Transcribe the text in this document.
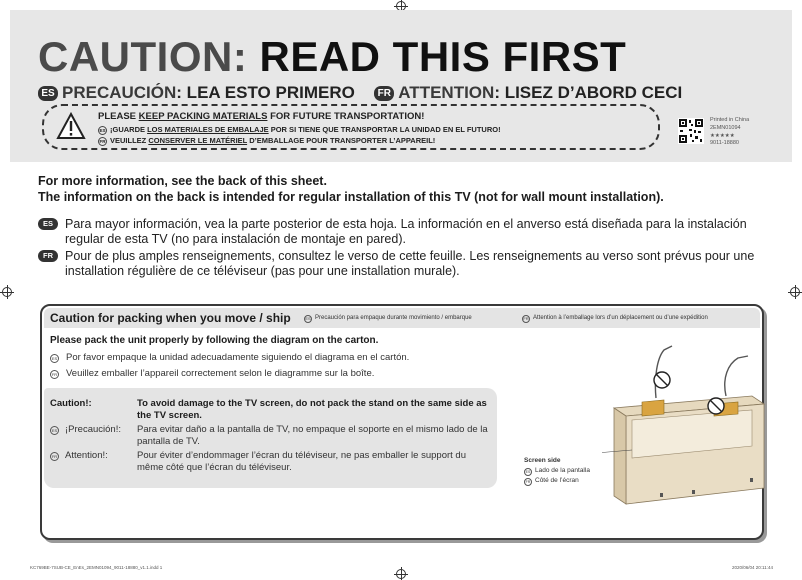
CAUTION: READ THIS FIRST
ES PRECAUCIÓN: LEA ESTO PRIMERO FR ATTENTION: LISEZ D’ABORD CECI
PLEASE KEEP PACKING MATERIALS FOR FUTURE TRANSPORTATION!
ES ¡GUARDE LOS MATERIALES DE EMBALAJE POR SI TIENE QUE TRANSPORTAR LA UNIDAD EN EL FUTURO!
FR VEUILLEZ CONSERVER LE MATÉRIEL D’EMBALLAGE POUR TRANSPORTER L’APPAREIL!
Printed in China
2EMN01094
★★★★★
9011-18880
For more information, see the back of this sheet.
The information on the back is intended for regular installation of this TV (not for wall mount installation).
ES Para mayor información, vea la parte posterior de esta hoja. La información en el anverso está diseñada para la instalación regular de esta TV (no para instalación de montaje en pared).
FR Pour de plus amples renseignements, consultez le verso de cette feuille. Les renseignements au verso sont prévus pour une installation régulière de ce téléviseur (pas pour une installation murale).
Caution for packing when you move / ship	ES Precaución para empaque durante movimiento / embarque	FR Attention à l’emballage lors d’un déplacement ou d’une expédition
Please pack the unit properly by following the diagram on the carton.
ES Por favor empaque la unidad adecuadamente siguiendo el diagrama en el cartón.
FR Veuillez emballer l’appareil correctement selon le diagramme sur la boîte.
Caution!:	To avoid damage to the TV screen, do not pack the stand on the same side as the TV screen.
ES ¡Precaución!: Para evitar daño a la pantalla de TV, no empaque el soporte en el mismo lado de la pantalla de TV.
FR Attention!:	Pour éviter d’endommager l’écran du téléviseur, ne pas emballer le support du même côté que l’écran du téléviseur.
Screen side
ES Lado de la pantalla
FR Côté de l’écran
KC769BE-7SUB-CE_EnEs_2EMN01094_9011-18880_v1.1.indd 1	2020/06/04 20:11:44
